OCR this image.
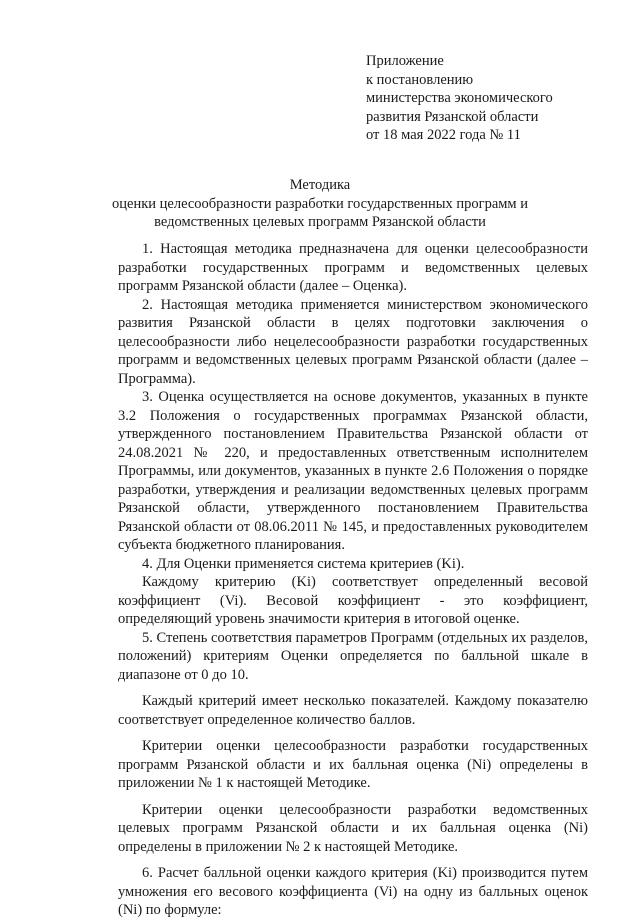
Приложение
к постановлению
министерства экономического
развития Рязанской области
от 18 мая 2022 года № 11
Методика
оценки целесообразности разработки государственных программ и
ведомственных целевых программ Рязанской области

1. Настоящая методика предназначена для оценки целесообразности разработки государственных программ и ведомственных целевых программ Рязанской области (далее – Оценка).

2. Настоящая методика применяется министерством экономического развития Рязанской области в целях подготовки заключения о целесообразности либо нецелесообразности разработки государственных программ и ведомственных целевых программ Рязанской области (далее – Программа).

3. Оценка осуществляется на основе документов, указанных в пункте 3.2 Положения о государственных программах Рязанской области, утвержденного постановлением Правительства Рязанской области от 24.08.2021 № 220, и предоставленных ответственным исполнителем Программы, или документов, указанных в пункте 2.6 Положения о порядке разработки, утверждения и реализации ведомственных целевых программ Рязанской области, утвержденного постановлением Правительства Рязанской области от 08.06.2011 № 145, и предоставленных руководителем субъекта бюджетного планирования.

4. Для Оценки применяется система критериев (Ki).

Каждому критерию (Ki) соответствует определенный весовой коэффициент (Vi). Весовой коэффициент - это коэффициент, определяющий уровень значимости критерия в итоговой оценке.

5. Степень соответствия параметров Программ (отдельных их разделов, положений) критериям Оценки определяется по балльной шкале в диапазоне от 0 до 10.

Каждый критерий имеет несколько показателей. Каждому показателю соответствует определенное количество баллов.

Критерии оценки целесообразности разработки государственных программ Рязанской области и их балльная оценка (Ni) определены в приложении № 1 к настоящей Методике.

Критерии оценки целесообразности разработки ведомственных целевых программ Рязанской области и их балльная оценка (Ni) определены в приложении № 2 к настоящей Методике.

6. Расчет балльной оценки каждого критерия (Ki) производится путем умножения его весового коэффициента (Vi) на одну из балльных оценок (Ni) по формуле:
